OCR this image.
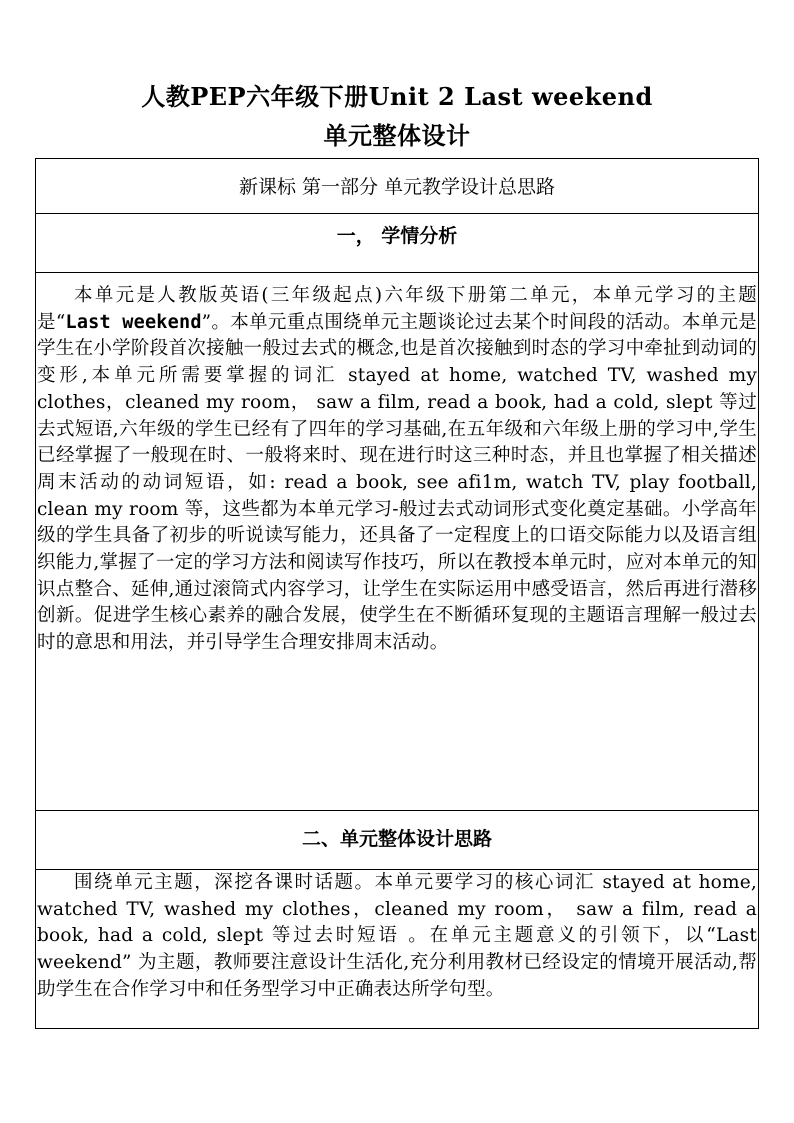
人教PEP六年级下册Unit 2 Last weekend
单元整体设计
新课标 第一部分 单元教学设计总思路

一， 学情分析

本单元是人教版英语(三年级起点)六年级下册第二单元，本单元学习的主题是“Last weekend”。本单元重点围绕单元主题谈论过去某个时间段的活动。本单元是学生在小学阶段首次接触一般过去式的概念,也是首次接触到时态的学习中牵扯到动词的变形,本单元所需要掌握的词汇 stayed at home, watched TV, washed my clothes，cleaned my room， saw a film, read a book, had a cold, slept 等过去式短语,六年级的学生已经有了四年的学习基础,在五年级和六年级上册的学习中,学生已经掌握了一般现在时、一般将来时、现在进行时这三种时态，并且也掌握了相关描述周末活动的动词短语，如: read a book, see afi1m, watch TV, play football, clean my room 等，这些都为本单元学习-般过去式动词形式变化奠定基础。小学高年级的学生具备了初步的听说读写能力，还具备了一定程度上的口语交际能力以及语言组织能力,掌握了一定的学习方法和阅读写作技巧，所以在教授本单元时，应对本单元的知识点整合、延伸,通过滚筒式内容学习，让学生在实际运用中感受语言，然后再进行潜移创新。促进学生核心素养的融合发展，使学生在不断循环复现的主题语言理解一般过去时的意思和用法，并引导学生合理安排周末活动。

二、单元整体设计思路

围绕单元主题，深挖各课时话题。本单元要学习的核心词汇 stayed at home, watched TV, washed my clothes，cleaned my room， saw a film, read a book, had a cold, slept 等过去时短语 。在单元主题意义的引领下，以“Last weekend” 为主题，教师要注意设计生活化,充分利用教材已经设定的情境开展活动,帮助学生在合作学习中和任务型学习中正确表达所学句型。
